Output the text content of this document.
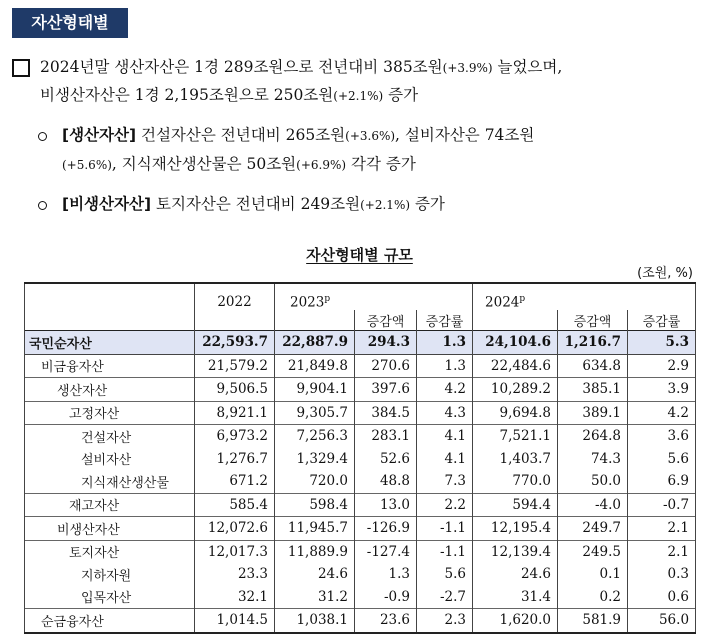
자산형태별
2024년말 생산자산은 1경 289조원으로 전년대비 385조원(+3.9%) 늘었으며,
비생산자산은 1경 2,195조원으로 250조원(+2.1%) 증가
[생산자산] 건설자산은 전년대비 265조원(+3.6%), 설비자산은 74조원
(+5.6%), 지식재산생산물은 50조원(+6.9%) 각각 증가
[비생산자산] 토지자산은 전년대비 249조원(+2.1%) 증가
자산형태별 규모
(조원, %)
	2022	2023$^p$			2024$^p$
			증감액	증감률		증감액	증감률
국민순자산	22,593.7	22,887.9	294.3	1.3	24,104.6	1,216.7	5.3
비금융자산	21,579.2	21,849.8	270.6	1.3	22,484.6	634.8	2.9
생산자산	9,506.5	9,904.1	397.6	4.2	10,289.2	385.1	3.9
고정자산	8,921.1	9,305.7	384.5	4.3	9,694.8	389.1	4.2
건설자산	6,973.2	7,256.3	283.1	4.1	7,521.1	264.8	3.6
설비자산	1,276.7	1,329.4	52.6	4.1	1,403.7	74.3	5.6
지식재산생산물	671.2	720.0	48.8	7.3	770.0	50.0	6.9
재고자산	585.4	598.4	13.0	2.2	594.4	-4.0	-0.7
비생산자산	12,072.6	11,945.7	-126.9	-1.1	12,195.4	249.7	2.1
토지자산	12,017.3	11,889.9	-127.4	-1.1	12,139.4	249.5	2.1
지하자원	23.3	24.6	1.3	5.6	24.6	0.1	0.3
입목자산	32.1	31.2	-0.9	-2.7	31.4	0.2	0.6
순금융자산	1,014.5	1,038.1	23.6	2.3	1,620.0	581.9	56.0
